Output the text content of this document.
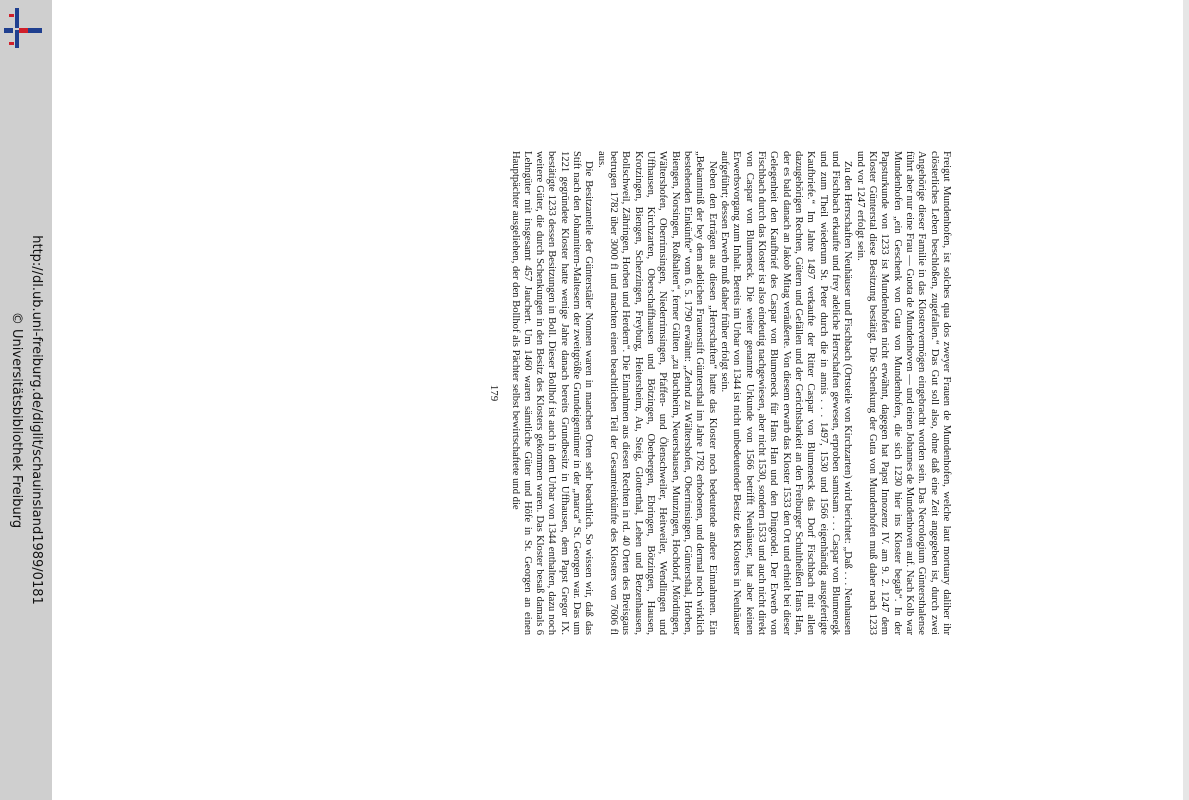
http://dl.ub.uni-freiburg.de/diglit/schauinsland1989/0181
© Universitätsbibliothek Freiburg	Freigut Mundenhofen, ist solches qua dos zweyer Frauen de Mundenhofen, welche laut mortuary daliher ihr clösterliches Leben beschloßen, zugefallen.“ Das Gut soll also, ohne daß eine Zeit angegeben ist, durch zwei Angehörige dieser Familie in das Klostervermögen eingebracht worden sein. Das Necrologium Güntersthalense führt aber nur eine Frau — Guota de Mundenhoven — und einen Johannes de Mundenhoven auf. Nach Kolb war Mundenhofen „ein Geschenk von Guta von Mundenhofen, die sich 1230 hier ins Kloster begab“. In der Papsturkunde von 1233 ist Mundenhofen nicht erwähnt, dagegen hat Papst Innozenz IV. am 9. 2. 1247 dem Kloster Günterstal diese Besitzung bestätigt. Die Schenkung der Guta von Mundenhofen muß daher nach 1233 und vor 1247 erfolgt sein.

Zu den Herrschaften Neuhäuser und Fischbach (Ortsteile von Kirchzarten) wird berichtet: „Daß . . . Neuhausen und Fischbach erkaufte und frey adeliche Herrschaften gewesen, erproben samtsam . . . Caspar von Blumenegk und zum Theil wiederum St. Peter durch die in annis . . . 1497, 1530 und 1566 eigenhändig ausgefertigte Kaufbriefe.“ Im Jahre 1497 verkaufte der Ritter Caspar von Blumeneck das Dorf Fischbach mit allen dazugehörigen Rechten, Gütern und Gefällen und der Gerichtsbarkeit an den Freiburger Schultheißen Hans Han, der es bald danach an Jakob Mitag veräußerte. Von diesem erwarb das Kloster 1533 den Ort und erhielt bei dieser Gelegenheit den Kaufbrief des Caspar von Blumeneck für Hans Han und den Dingrodel. Der Erwerb von Fischbach durch das Kloster ist also eindeutig nachgewiesen, aber nicht 1530, sondern 1533 und auch nicht direkt von Caspar von Blumeneck. Die weiter genannte Urkunde von 1566 betrifft Neuhäuser, hat aber keinen Erwerbsvorgang zum Inhalt. Bereits im Urbar von 1344 ist nicht unbedeutender Besitz des Klosters in Neuhäuser aufgeführt; dessen Erwerb muß daher früher erfolgt sein.

Neben den Erträgen aus diesen „Herrschaften“ hatte das Kloster noch bedeutende andere Einnahmen. Ein „Bekanntniß der bey dem adelichen Frauenstift Güntersthal im Jahre 1782 erhobenen, und dermal noch wirklich bestehenden Einkünfte“ vom 6. 5. 1790 erwähnt: „Zehnd zu Wältershofen, Oberrimsingen, Güntersthal, Horben, Biengen, Norsingen, Roßhalten“, ferner Gülten „zu Buchheim, Neuershausen, Munzingen, Hochdorf, Mördingen, Wältershofen, Oberrimsingen, Niederrimsingen, Pfaffen- und Ölenschweiler, Heitweiler, Wendlingen und Uffhausen, Kirchzarten, Oberschaffhausen und Bötzingen, Oberbergen, Ebringen, Bötzingen, Hausen, Krotzingen, Biengen, Scherzingen, Freyburg, Heitersheim, Au, Steig, Glotterthal, Lehen und Betzenhausen, Bollschweil, Zähringen, Horben und Herdern“. Die Einnahmen aus diesen Rechten in rd. 40 Orten des Breisgaus betrugen 1782 über 3000 fl und machten einen beachtlichen Teil der Gesamteinkünfte des Klosters von 7606 fl aus.

Die Besitzanteile der Günterstäler Nonnen waren in manchen Orten sehr beachtlich. So wissen wir, daß das Stift nach den Johannitern-Maltesern der zweitgrößte Grundeigentümer in der „marca“ St. Georgen war. Das um 1221 gegründete Kloster hatte wenige Jahre danach bereits Grundbesitz in Uffhausen, dem Papst Gregor IX. bestätigte 1233 dessen Besitzungen in Boll. Dieser Bollhof ist auch in dem Urbar von 1344 enthalten, dazu noch weitere Güter, die durch Schenkungen in den Besitz des Klosters gekommen waren. Das Kloster besaß damals 6 Lehngüter mit insgesamt 457 Jauchert. Um 1460 waren sämtliche Güter und Höfe in St. Georgen an einen Hauptpächter ausgeliehen, der den Bollhof als Pächter selbst bewirtschaftete und die

179
